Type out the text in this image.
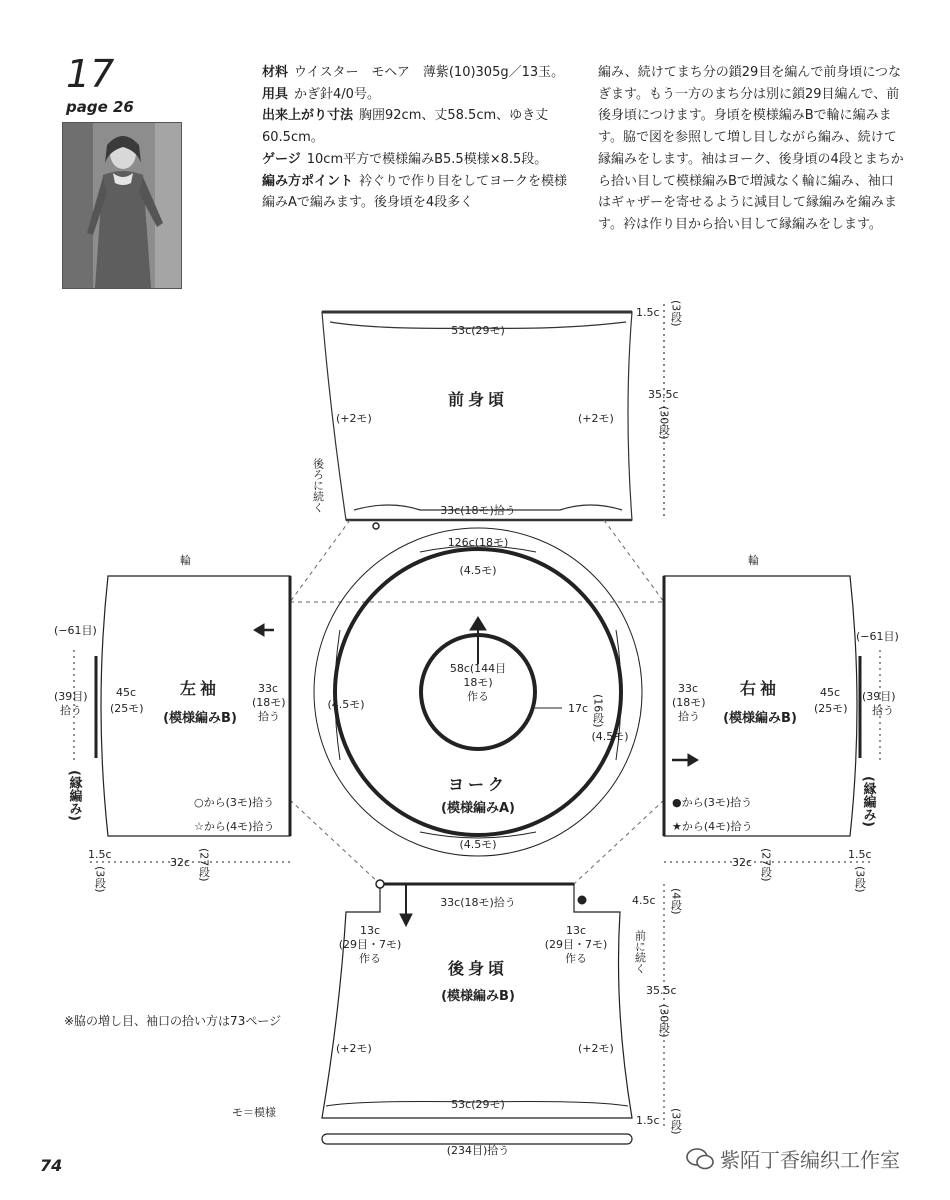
17
page 26
材料 ウイスター　モヘア　薄紫(10)305g／13玉。
用具 かぎ針4/0号。
出来上がり寸法 胸囲92cm、丈58.5cm、ゆき丈60.5cm。
ゲージ 10cm平方で模様編みB5.5模様×8.5段。
編み方ポイント 衿ぐりで作り目をしてヨークを模様編みAで編みます。後身頃を4段多く
編み、続けてまち分の鎖29目を編んで前身頃につなぎます。もう一方のまち分は別に鎖29目編んで、前後身頃につけます。身頃を模様編みBで輪に編みます。脇で図を参照して増し目しながら編み、続けて縁編みをします。袖はヨーク、後身頃の4段とまちから拾い目して模様編みBで増減なく輪に編み、袖口はギャザーを寄せるように減目して縁編みを編みます。衿は作り目から拾い目して縁編みをします。
53c(29モ)
前身頃
(+2モ)	(+2モ)
33c(18モ)拾う
後ろに続く
1.5c (3段)
35.5c
(30段)
126c(18モ)
(4.5モ)
(4.5モ)
(4.5モ)
(4.5モ)
58c(144目
18モ)
作る
17c (16段)
ヨーク
(模様編みA)
輪
(−61目)
(39目)
拾う
45c
(25モ)
左袖
(模様編みB)
33c
(18モ)
拾う
○から(3モ)拾う
☆から(4モ)拾う
(縁編み)
1.5c
(3段)
32c (27段)
輪
(−61目)
(39目)
拾う
45c
(25モ)
右袖
(模様編みB)
33c
(18モ)
拾う
●から(3モ)拾う
★から(4モ)拾う	(縁編み)
1.5c
(3段)
32c (27段)
33c(18モ)拾う
13c
(29目・7モ)
作る
13c
(29目・7モ)
作る
後身頃
(模様編みB)
(+2モ)	(+2モ)
53c(29モ)
(234目)拾う
前に続く
4.5c (4段)
35.5c
(30段)
1.5c (3段)
※脇の増し目、袖口の拾い方は73ページ
モ＝模様
74	紫陌丁香编织工作室
